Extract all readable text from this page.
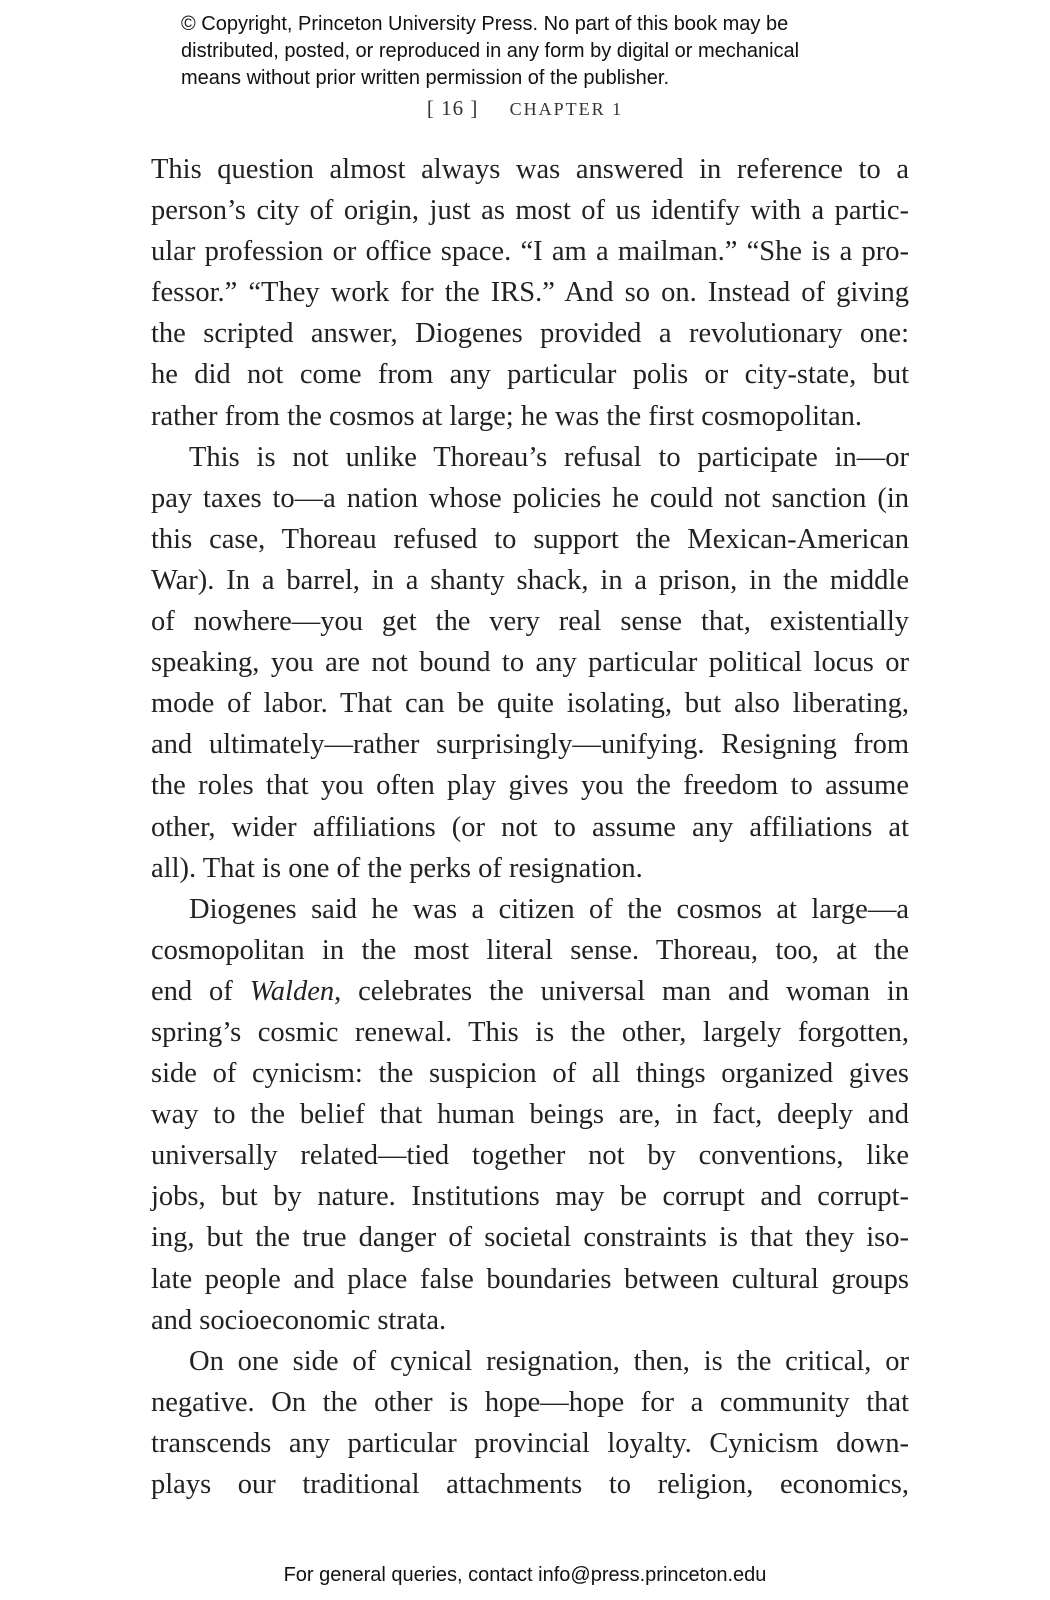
© Copyright, Princeton University Press. No part of this book may be
distributed, posted, or reproduced in any form by digital or mechanical
means without prior written permission of the publisher.
[ 16 ] CHAPTER 1
This question almost always was answered in reference to a
person’s city of origin, just as most of us identify with a partic-
ular profession or office space. “I am a mailman.” “She is a pro-
fessor.” “They work for the IRS.” And so on. Instead of giving
the scripted answer, Diogenes provided a revolutionary one:
he did not come from any particular polis or city-state, but
rather from the cosmos at large; he was the first cosmopolitan.
This is not unlike Thoreau’s refusal to participate in—or
pay taxes to—a nation whose policies he could not sanction (in
this case, Thoreau refused to support the Mexican-American
War). In a barrel, in a shanty shack, in a prison, in the middle
of nowhere—you get the very real sense that, existentially
speaking, you are not bound to any particular political locus or
mode of labor. That can be quite isolating, but also liberating,
and ultimately—rather surprisingly—unifying. Resigning from
the roles that you often play gives you the freedom to assume
other, wider affiliations (or not to assume any affiliations at
all). That is one of the perks of resignation.
Diogenes said he was a citizen of the cosmos at large—a
cosmopolitan in the most literal sense. Thoreau, too, at the
end of Walden, celebrates the universal man and woman in
spring’s cosmic renewal. This is the other, largely forgotten,
side of cynicism: the suspicion of all things organized gives
way to the belief that human beings are, in fact, deeply and
universally related—tied together not by conventions, like
jobs, but by nature. Institutions may be corrupt and corrupt-
ing, but the true danger of societal constraints is that they iso-
late people and place false boundaries between cultural groups
and socioeconomic strata.
On one side of cynical resignation, then, is the critical, or
negative. On the other is hope—hope for a community that
transcends any particular provincial loyalty. Cynicism down-
plays our traditional attachments to religion, economics,
For general queries, contact info@press.princeton.edu
